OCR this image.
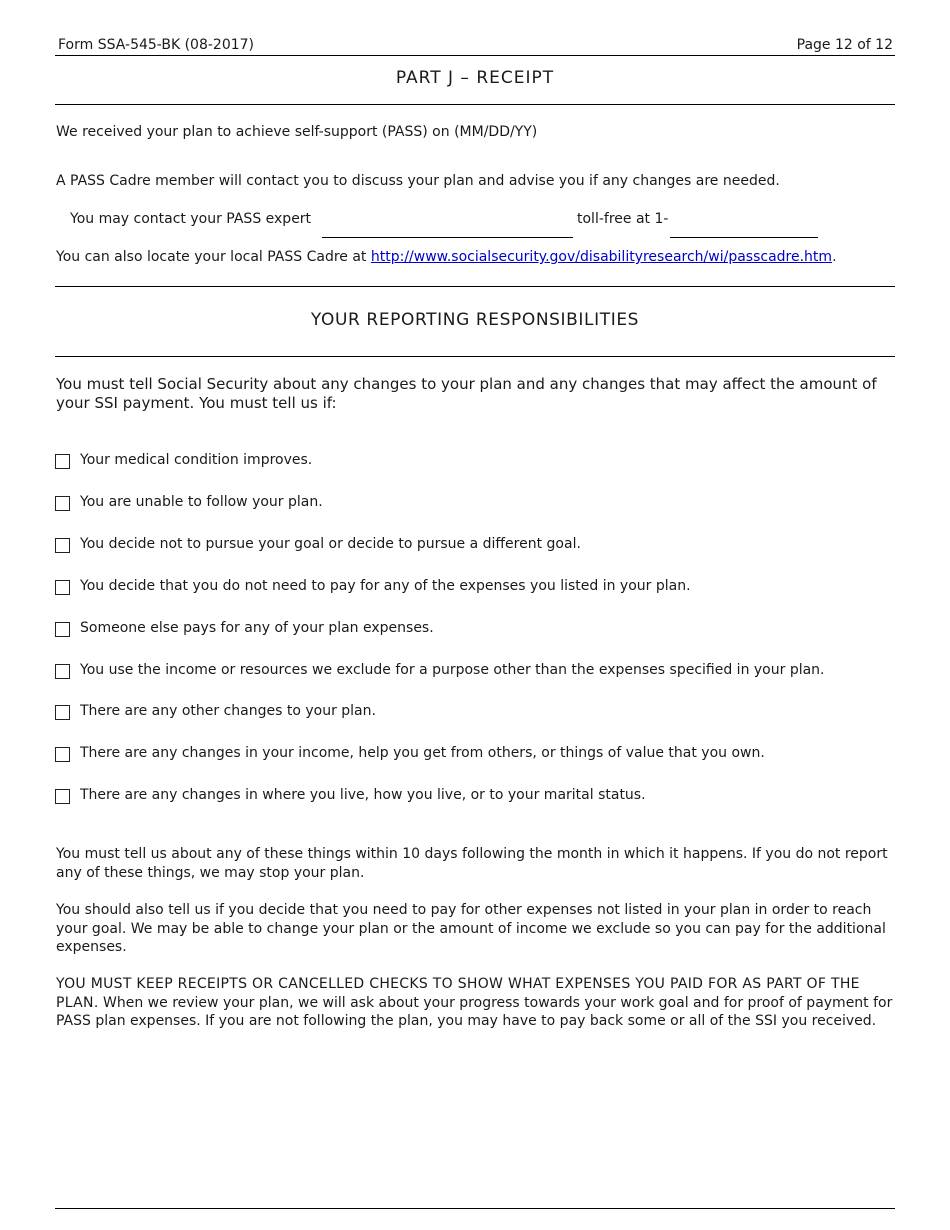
Form SSA-545-BK (08-2017)	Page 12 of 12
PART J – RECEIPT
We received your plan to achieve self-support (PASS) on (MM/DD/YY)
A PASS Cadre member will contact you to discuss your plan and advise you if any changes are needed.
You may contact your PASS expert	toll-free at 1-
You can also locate your local PASS Cadre at http://www.socialsecurity.gov/disabilityresearch/wi/passcadre.htm.
YOUR REPORTING RESPONSIBILITIES
You must tell Social Security about any changes to your plan and any changes that may affect the amount of your SSI payment. You must tell us if:
Your medical condition improves.
You are unable to follow your plan.
You decide not to pursue your goal or decide to pursue a different goal.
You decide that you do not need to pay for any of the expenses you listed in your plan.
Someone else pays for any of your plan expenses.
You use the income or resources we exclude for a purpose other than the expenses specified in your plan.
There are any other changes to your plan.
There are any changes in your income, help you get from others, or things of value that you own.
There are any changes in where you live, how you live, or to your marital status.
You must tell us about any of these things within 10 days following the month in which it happens. If you do not report any of these things, we may stop your plan.
You should also tell us if you decide that you need to pay for other expenses not listed in your plan in order to reach your goal. We may be able to change your plan or the amount of income we exclude so you can pay for the additional expenses.
YOU MUST KEEP RECEIPTS OR CANCELLED CHECKS TO SHOW WHAT EXPENSES YOU PAID FOR AS PART OF THE PLAN. When we review your plan, we will ask about your progress towards your work goal and for proof of payment for PASS plan expenses. If you are not following the plan, you may have to pay back some or all of the SSI you received.
